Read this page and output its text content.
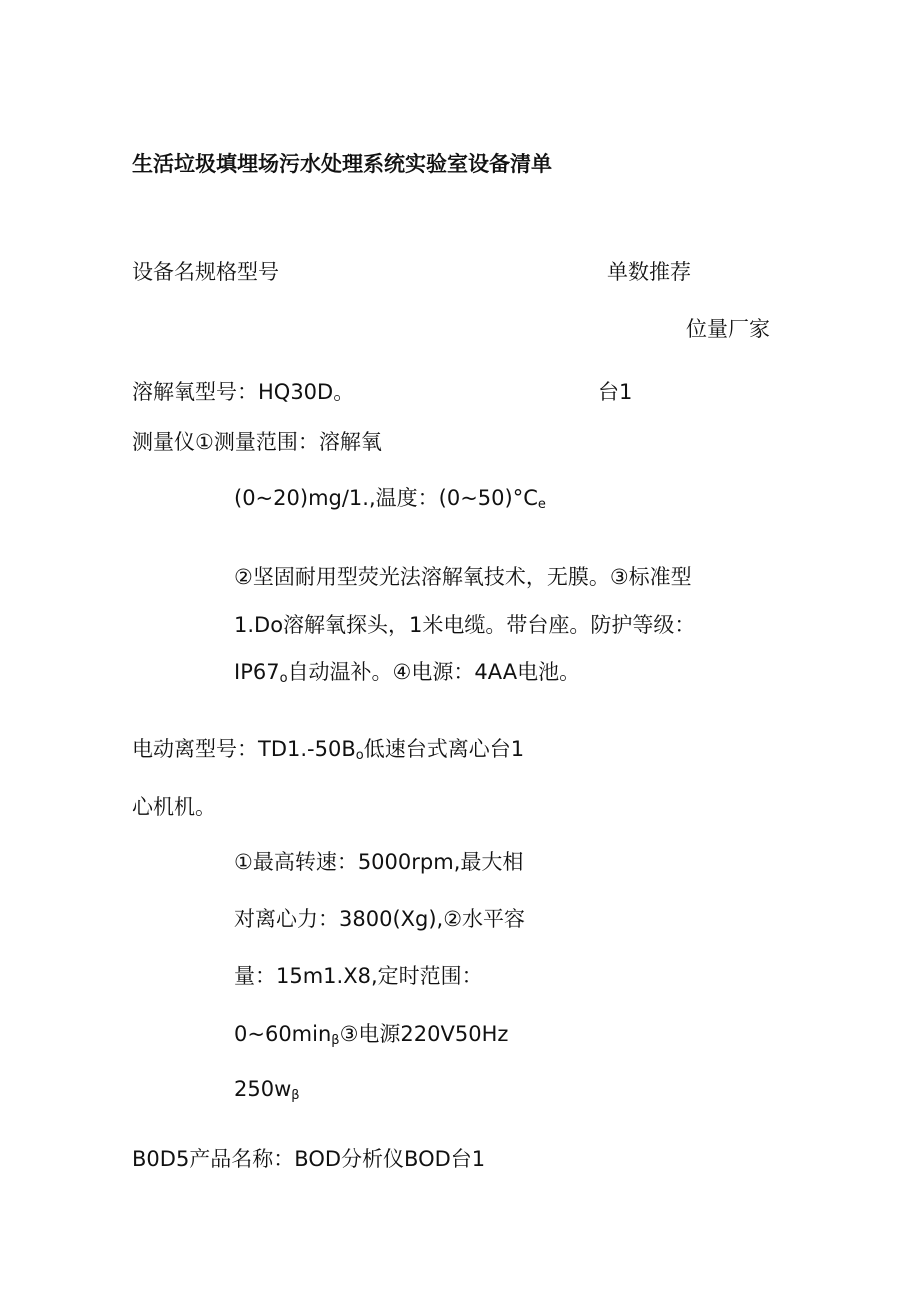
生活垃圾填埋场污水处理系统实验室设备清单
设备名规格型号	单数推荐
位量厂家
溶解氧型号：HQ30D。	台1
测量仪①测量范围：溶解氧
(0~20)mg∕1.,温度：$(0\sim 50)^\circ C_e$
②坚固耐用型荧光法溶解氧技术，无膜。③标准型
1.Do溶解氧探头，1米电缆。带台座。防护等级：
$IP67_o$自动温补。④电源：4AA电池。
电动离型号：$TD1.-50B_o$低速台式离心台1
心机机。
①最高转速：5000rpm,最大相
对离心力：3800(Xg),②水平容
量：15m1.X8,定时范围：
$0\sim 60\min_\beta ③$电源220V50Hz
$250w_\beta$
B0D5产品名称：BOD分析仪BOD台1
